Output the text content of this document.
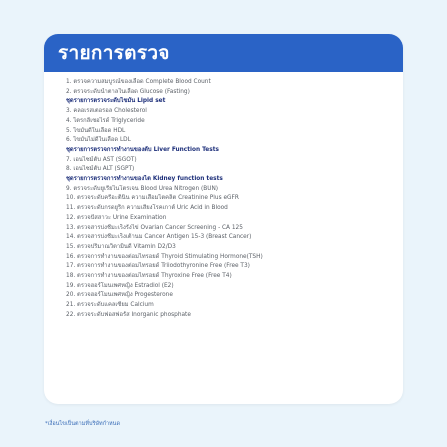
รายการตรวจ
1. ตรวจความสมบูรณ์ของเลือด Complete Blood Count
2. ตรวจระดับน้ำตาลในเลือด Glucose (Fasting)
ชุดรายการตรวจระดับไขมัน Lipid set
3. คลอเรสเตอรอล Cholesterol
4. ไตรกลีเซอไรด์ Triglyceride
5. ไขมันดีในเลือด HDL
6. ไขมันไม่ดีในเลือด LDL
ชุดรายการตรวจการทำงานของตับ Liver Function Tests
7. เอนไซม์ตับ AST (SGOT)
8. เอนไซม์ตับ ALT (SGPT)
ชุดรายการตรวจการทำงานของไต Kidney function tests
9. ตรวจระดับยูเรียไนโตรเจน Blood Urea Nitrogen (BUN)
10. ตรวจระดับครีอะตินิน ความเสื่อมไตคลิต Creatinine Plus eGFR
11. ตรวจระดับกรดยูริก ความเสี่ยงโรคเกาต์ Uric Acid in Blood
12. ตรวจปัสสาวะ Urine Examination
13. ตรวจสารบ่งชี้มะเร็งรังไข่ Ovarian Cancer Screening - CA 125
14. ตรวจสารบ่งชี้มะเร็งเต้านม Cancer Antigen 15-3 (Breast Cancer)
15. ตรวจปริมาณวิตามินดี Vitamin D2/D3
16. ตรวจการทำงานของต่อมไทรอยด์ Thyroid Stimulating Hormone(TSH)
17. ตรวจการทำงานของต่อมไทรอยด์ Triiodothyronine Free (Free T3)
18. ตรวจการทำงานของต่อมไทรอยด์ Thyroxine Free (Free T4)
19. ตรวจฮอร์โมนเพศหญิง Estradiol (E2)
20. ตรวจฮอร์โมนเพศหญิง Progesterone
21. ตรวจระดับแคลเซียม Calcium
22. ตรวจระดับฟอสฟอรัส Inorganic phosphate
*เงื่อนไขเป็นตามที่บริษัทกำหนด
